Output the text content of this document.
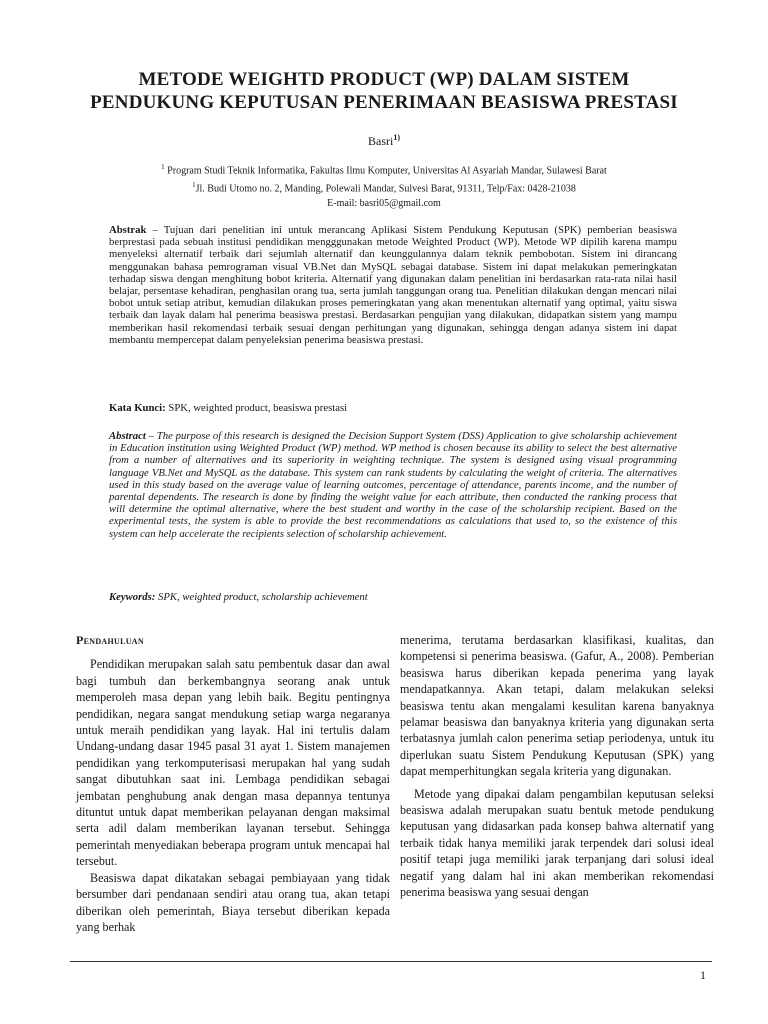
METODE WEIGHTD PRODUCT (WP) DALAM SISTEM
PENDUKUNG KEPUTUSAN PENERIMAAN BEASISWA PRESTASI
Basri$^{1)}$
$^1$ Program Studi Teknik Informatika, Fakultas Ilmu Komputer, Universitas Al Asyariah Mandar, Sulawesi Barat
$^1$Jl. Budi Utomo no. 2, Manding, Polewali Mandar, Sulvesi Barat, 91311, Telp/Fax: 0428-21038
E-mail: basri05@gmail.com

Abstrak – Tujuan dari penelitian ini untuk merancang Aplikasi Sistem Pendukung Keputusan (SPK) pemberian beasiswa berprestasi pada sebuah institusi pendidikan mengggunakan metode Weighted Product (WP). Metode WP dipilih karena mampu menyeleksi alternatif terbaik dari sejumlah alternatif dan keunggulannya dalam teknik pembobotan. Sistem ini dirancang menggunakan bahasa pemrograman visual VB.Net dan MySQL sebagai database. Sistem ini dapat melakukan pemeringkatan terhadap siswa dengan menghitung bobot kriteria. Alternatif yang digunakan dalam penelitian ini berdasarkan rata-rata nilai hasil belajar, persentase kehadiran, penghasilan orang tua, serta jumlah tanggungan orang tua. Penelitian dilakukan dengan mencari nilai bobot untuk setiap atribut, kemudian dilakukan proses pemeringkatan yang akan menentukan alternatif yang optimal, yaitu siswa terbaik dan layak dalam hal penerima beasiswa prestasi. Berdasarkan pengujian yang dilakukan, didapatkan sistem yang mampu memberikan hasil rekomendasi terbaik sesuai dengan perhitungan yang digunakan, sehingga dengan adanya sistem ini dapat membantu mempercepat dalam penyeleksian penerima beasiswa prestasi.

Kata Kunci: SPK, weighted product, beasiswa prestasi

Abstract – The purpose of this research is designed the Decision Support System (DSS) Application to give scholarship achievement in Education institution using Weighted Product (WP) method. WP method is chosen because its ability to select the best alternative from a number of alternatives and its superiority in weighting technique. The system is designed using visual programming language VB.Net and MySQL as the database. This system can rank students by calculating the weight of criteria. The alternatives used in this study based on the average value of learning outcomes, percentage of attendance, parents income, and the number of parental dependents. The research is done by finding the weight value for each attribute, then conducted the ranking process that will determine the optimal alternative, where the best student and worthy in the case of the scholarship recipient. Based on the experimental tests, the system is able to provide the best recommendations as calculations that used to, so the existence of this system can help accelerate the recipients selection of scholarship achievement.

Keywords: SPK, weighted product, scholarship achievement

Pendahuluan

Pendidikan merupakan salah satu pembentuk dasar dan awal bagi tumbuh dan berkembangnya seorang anak untuk memperoleh masa depan yang lebih baik. Begitu pentingnya pendidikan, negara sangat mendukung setiap warga negaranya untuk meraih pendidikan yang layak. Hal ini tertulis dalam Undang-undang dasar 1945 pasal 31 ayat 1. Sistem manajemen pendidikan yang terkomputerisasi merupakan hal yang sudah sangat dibutuhkan saat ini. Lembaga pendidikan sebagai jembatan penghubung anak dengan masa depannya tentunya dituntut untuk dapat memberikan pelayanan dengan maksimal serta adil dalam memberikan layanan tersebut. Sehingga pemerintah menyediakan beberapa program untuk mencapai hal tersebut.

Beasiswa dapat dikatakan sebagai pembiayaan yang tidak bersumber dari pendanaan sendiri atau orang tua, akan tetapi diberikan oleh pemerintah, Biaya tersebut diberikan kepada yang berhak

menerima, terutama berdasarkan klasifikasi, kualitas, dan kompetensi si penerima beasiswa. (Gafur, A., 2008). Pemberian beasiswa harus diberikan kepada penerima yang layak mendapatkannya. Akan tetapi, dalam melakukan seleksi beasiswa tentu akan mengalami kesulitan karena banyaknya pelamar beasiswa dan banyaknya kriteria yang digunakan serta terbatasnya jumlah calon penerima setiap periodenya, untuk itu diperlukan suatu Sistem Pendukung Keputusan (SPK) yang dapat memperhitungkan segala kriteria yang digunakan.

Metode yang dipakai dalam pengambilan keputusan seleksi beasiswa adalah merupakan suatu bentuk metode pendukung keputusan yang didasarkan pada konsep bahwa alternatif yang terbaik tidak hanya memiliki jarak terpendek dari solusi ideal positif tetapi juga memiliki jarak terpanjang dari solusi ideal negatif yang dalam hal ini akan memberikan rekomendasi penerima beasiswa yang sesuai dengan

1
